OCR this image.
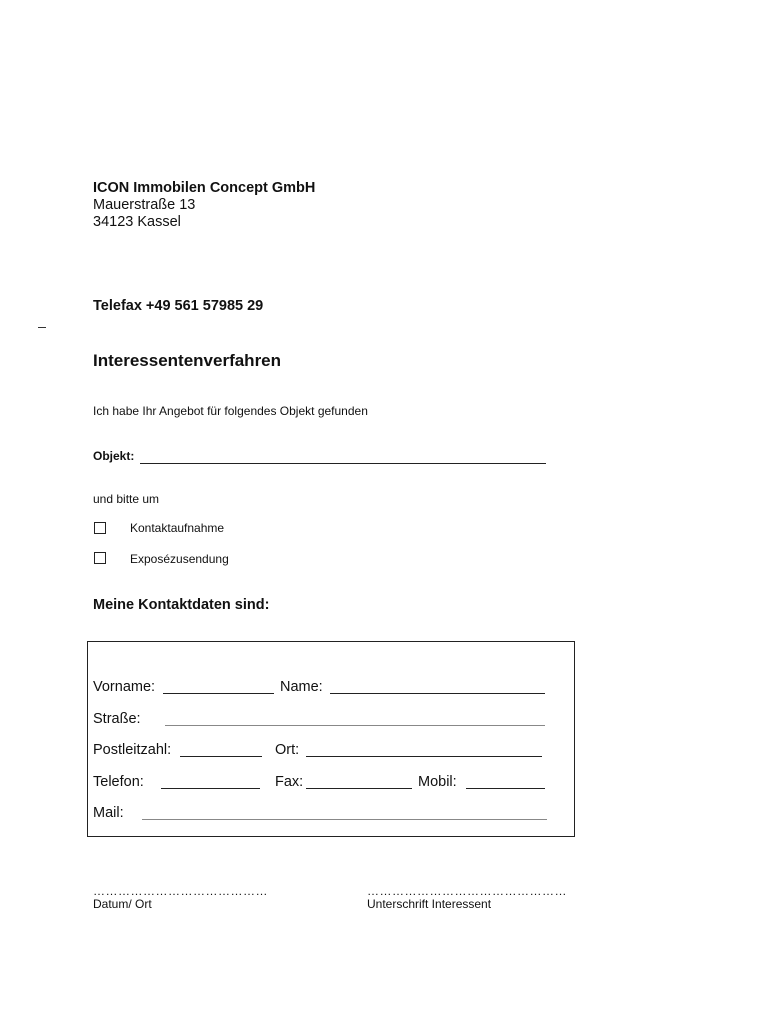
ICON Immobilen Concept GmbH
Mauerstraße 13
34123 Kassel
Telefax +49 561 57985 29
Interessentenverfahren
Ich habe Ihr Angebot für folgendes Objekt gefunden
Objekt:
und bitte um
Kontaktaufnahme
Exposézusendung
Meine Kontaktdaten sind:
Vorname:	Name:
Straße:
Postleitzahl:	Ort:
Telefon:	Fax:	Mobil:
Mail:
……………………………………
Datum/ Ort
…………………………………………
Unterschrift Interessent
